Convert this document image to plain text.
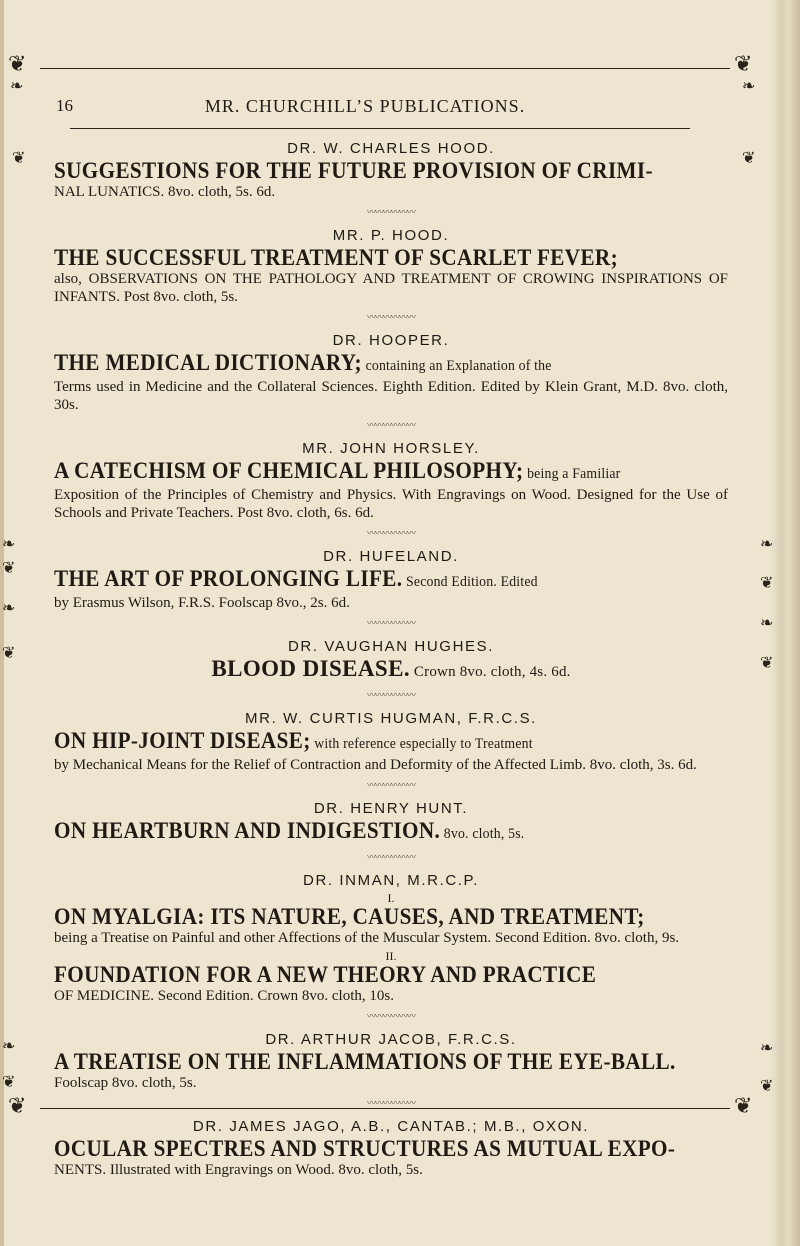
❦	❦
❧	❧
16	MR. CHURCHILL’S PUBLICATIONS.
❦	❦
❧
❦
❧
❦
❧
❦
❧
❦
❧
❦
❧
❦
DR. W. CHARLES HOOD.
SUGGESTIONS FOR THE FUTURE PROVISION OF CRIMI-
NAL LUNATICS. 8vo. cloth, 5s. 6d.
〰〰〰〰〰〰
MR. P. HOOD.
THE SUCCESSFUL TREATMENT OF SCARLET FEVER;
also, OBSERVATIONS ON THE PATHOLOGY AND TREATMENT OF CROWING INSPIRATIONS OF INFANTS. Post 8vo. cloth, 5s.
〰〰〰〰〰〰
DR. HOOPER.
THE MEDICAL DICTIONARY; containing an Explanation of the
Terms used in Medicine and the Collateral Sciences. Eighth Edition. Edited by Klein Grant, M.D. 8vo. cloth, 30s.
〰〰〰〰〰〰
MR. JOHN HORSLEY.
A CATECHISM OF CHEMICAL PHILOSOPHY; being a Familiar
Exposition of the Principles of Chemistry and Physics. With Engravings on Wood. Designed for the Use of Schools and Private Teachers. Post 8vo. cloth, 6s. 6d.
〰〰〰〰〰〰
DR. HUFELAND.
THE ART OF PROLONGING LIFE. Second Edition. Edited
by Erasmus Wilson, F.R.S. Foolscap 8vo., 2s. 6d.
〰〰〰〰〰〰
DR. VAUGHAN HUGHES.
BLOOD DISEASE. Crown 8vo. cloth, 4s. 6d.
〰〰〰〰〰〰
MR. W. CURTIS HUGMAN, F.R.C.S.
ON HIP-JOINT DISEASE; with reference especially to Treatment
by Mechanical Means for the Relief of Contraction and Deformity of the Affected Limb. 8vo. cloth, 3s. 6d.
〰〰〰〰〰〰
DR. HENRY HUNT.
ON HEARTBURN AND INDIGESTION. 8vo. cloth, 5s.
〰〰〰〰〰〰
DR. INMAN, M.R.C.P.
I.
ON MYALGIA: ITS NATURE, CAUSES, AND TREATMENT;
being a Treatise on Painful and other Affections of the Muscular System. Second Edition. 8vo. cloth, 9s.
II.
FOUNDATION FOR A NEW THEORY AND PRACTICE
OF MEDICINE. Second Edition. Crown 8vo. cloth, 10s.
〰〰〰〰〰〰
DR. ARTHUR JACOB, F.R.C.S.
A TREATISE ON THE INFLAMMATIONS OF THE EYE-BALL.
Foolscap 8vo. cloth, 5s.
〰〰〰〰〰〰
DR. JAMES JAGO, A.B., CANTAB.; M.B., OXON.
OCULAR SPECTRES AND STRUCTURES AS MUTUAL EXPO-
NENTS. Illustrated with Engravings on Wood. 8vo. cloth, 5s.
❦	❦
